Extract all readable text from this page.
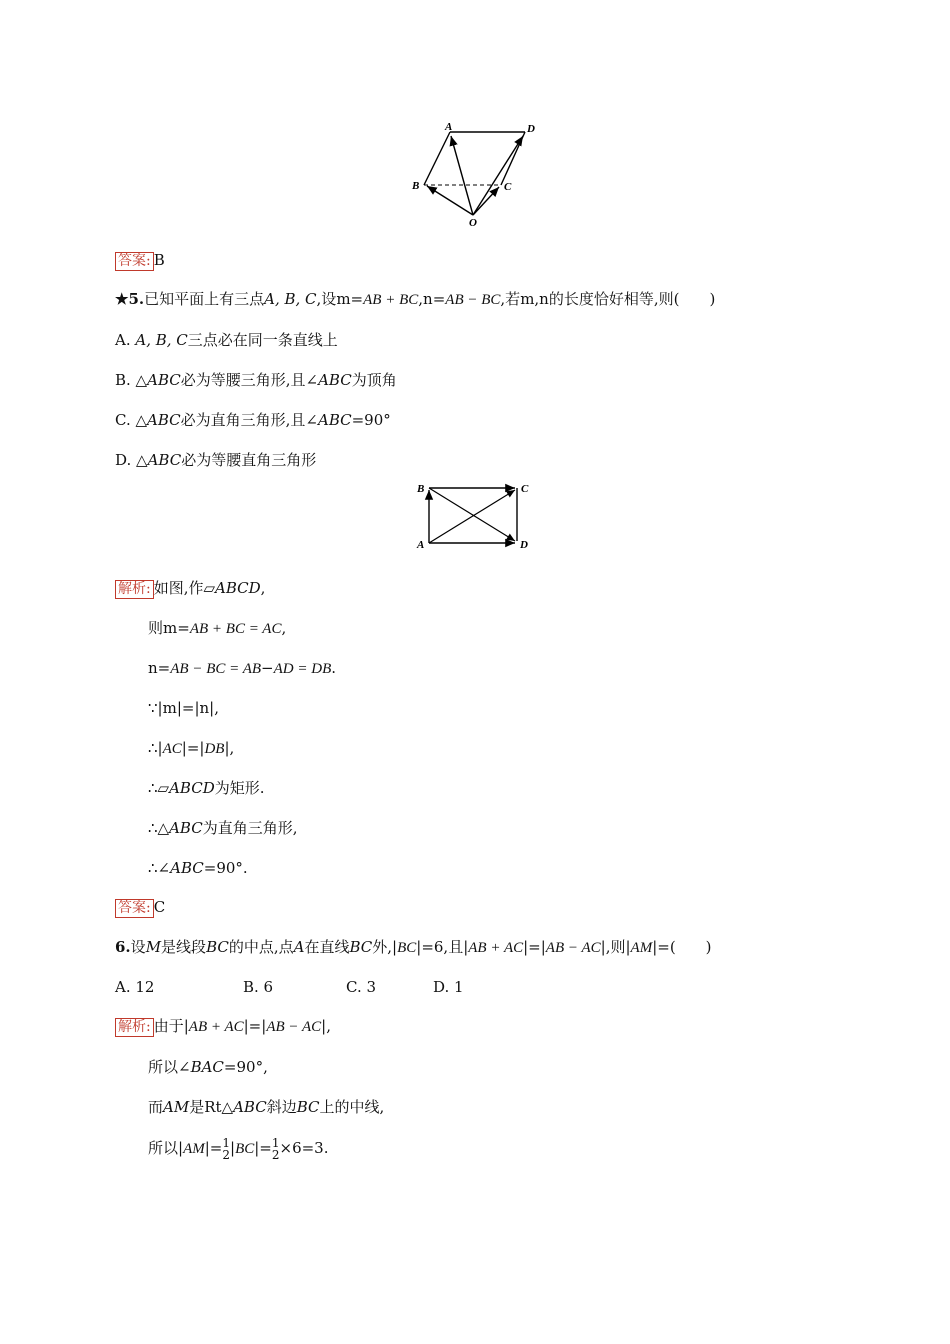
A	D
B	C
O
答案: B
★5.已知平面上有三点A, B, C,设m=AB + BC,n=AB − BC,若m,n的长度恰好相等,则(　　)
A. A, B, C三点必在同一条直线上
B. △ABC必为等腰三角形,且∠ABC为顶角
C. △ABC必为直角三角形,且∠ABC=90°
D. △ABC必为等腰直角三角形
B	C
A	D
解析: 如图,作▱ABCD,
则m=AB + BC = AC,
n=AB − BC = AB−AD = DB.
∵|m|=|n|,
∴|AC|=|DB|,
∴▱ABCD为矩形.
∴△ABC为直角三角形,
∴∠ABC=90°.
答案: C
6.设M是线段BC的中点,点A在直线BC外,|BC|=6,且|AB + AC|=|AB − AC|,则|AM|=(　　)
A. 12	B. 6	C. 3	D. 1
解析: 由于|AB + AC|=|AB − AC|,
所以∠BAC=90°,
而AM是Rt△ABC斜边BC上的中线,
所以|AM|= 1
2 |BC|= 1
2 ×6=3.
